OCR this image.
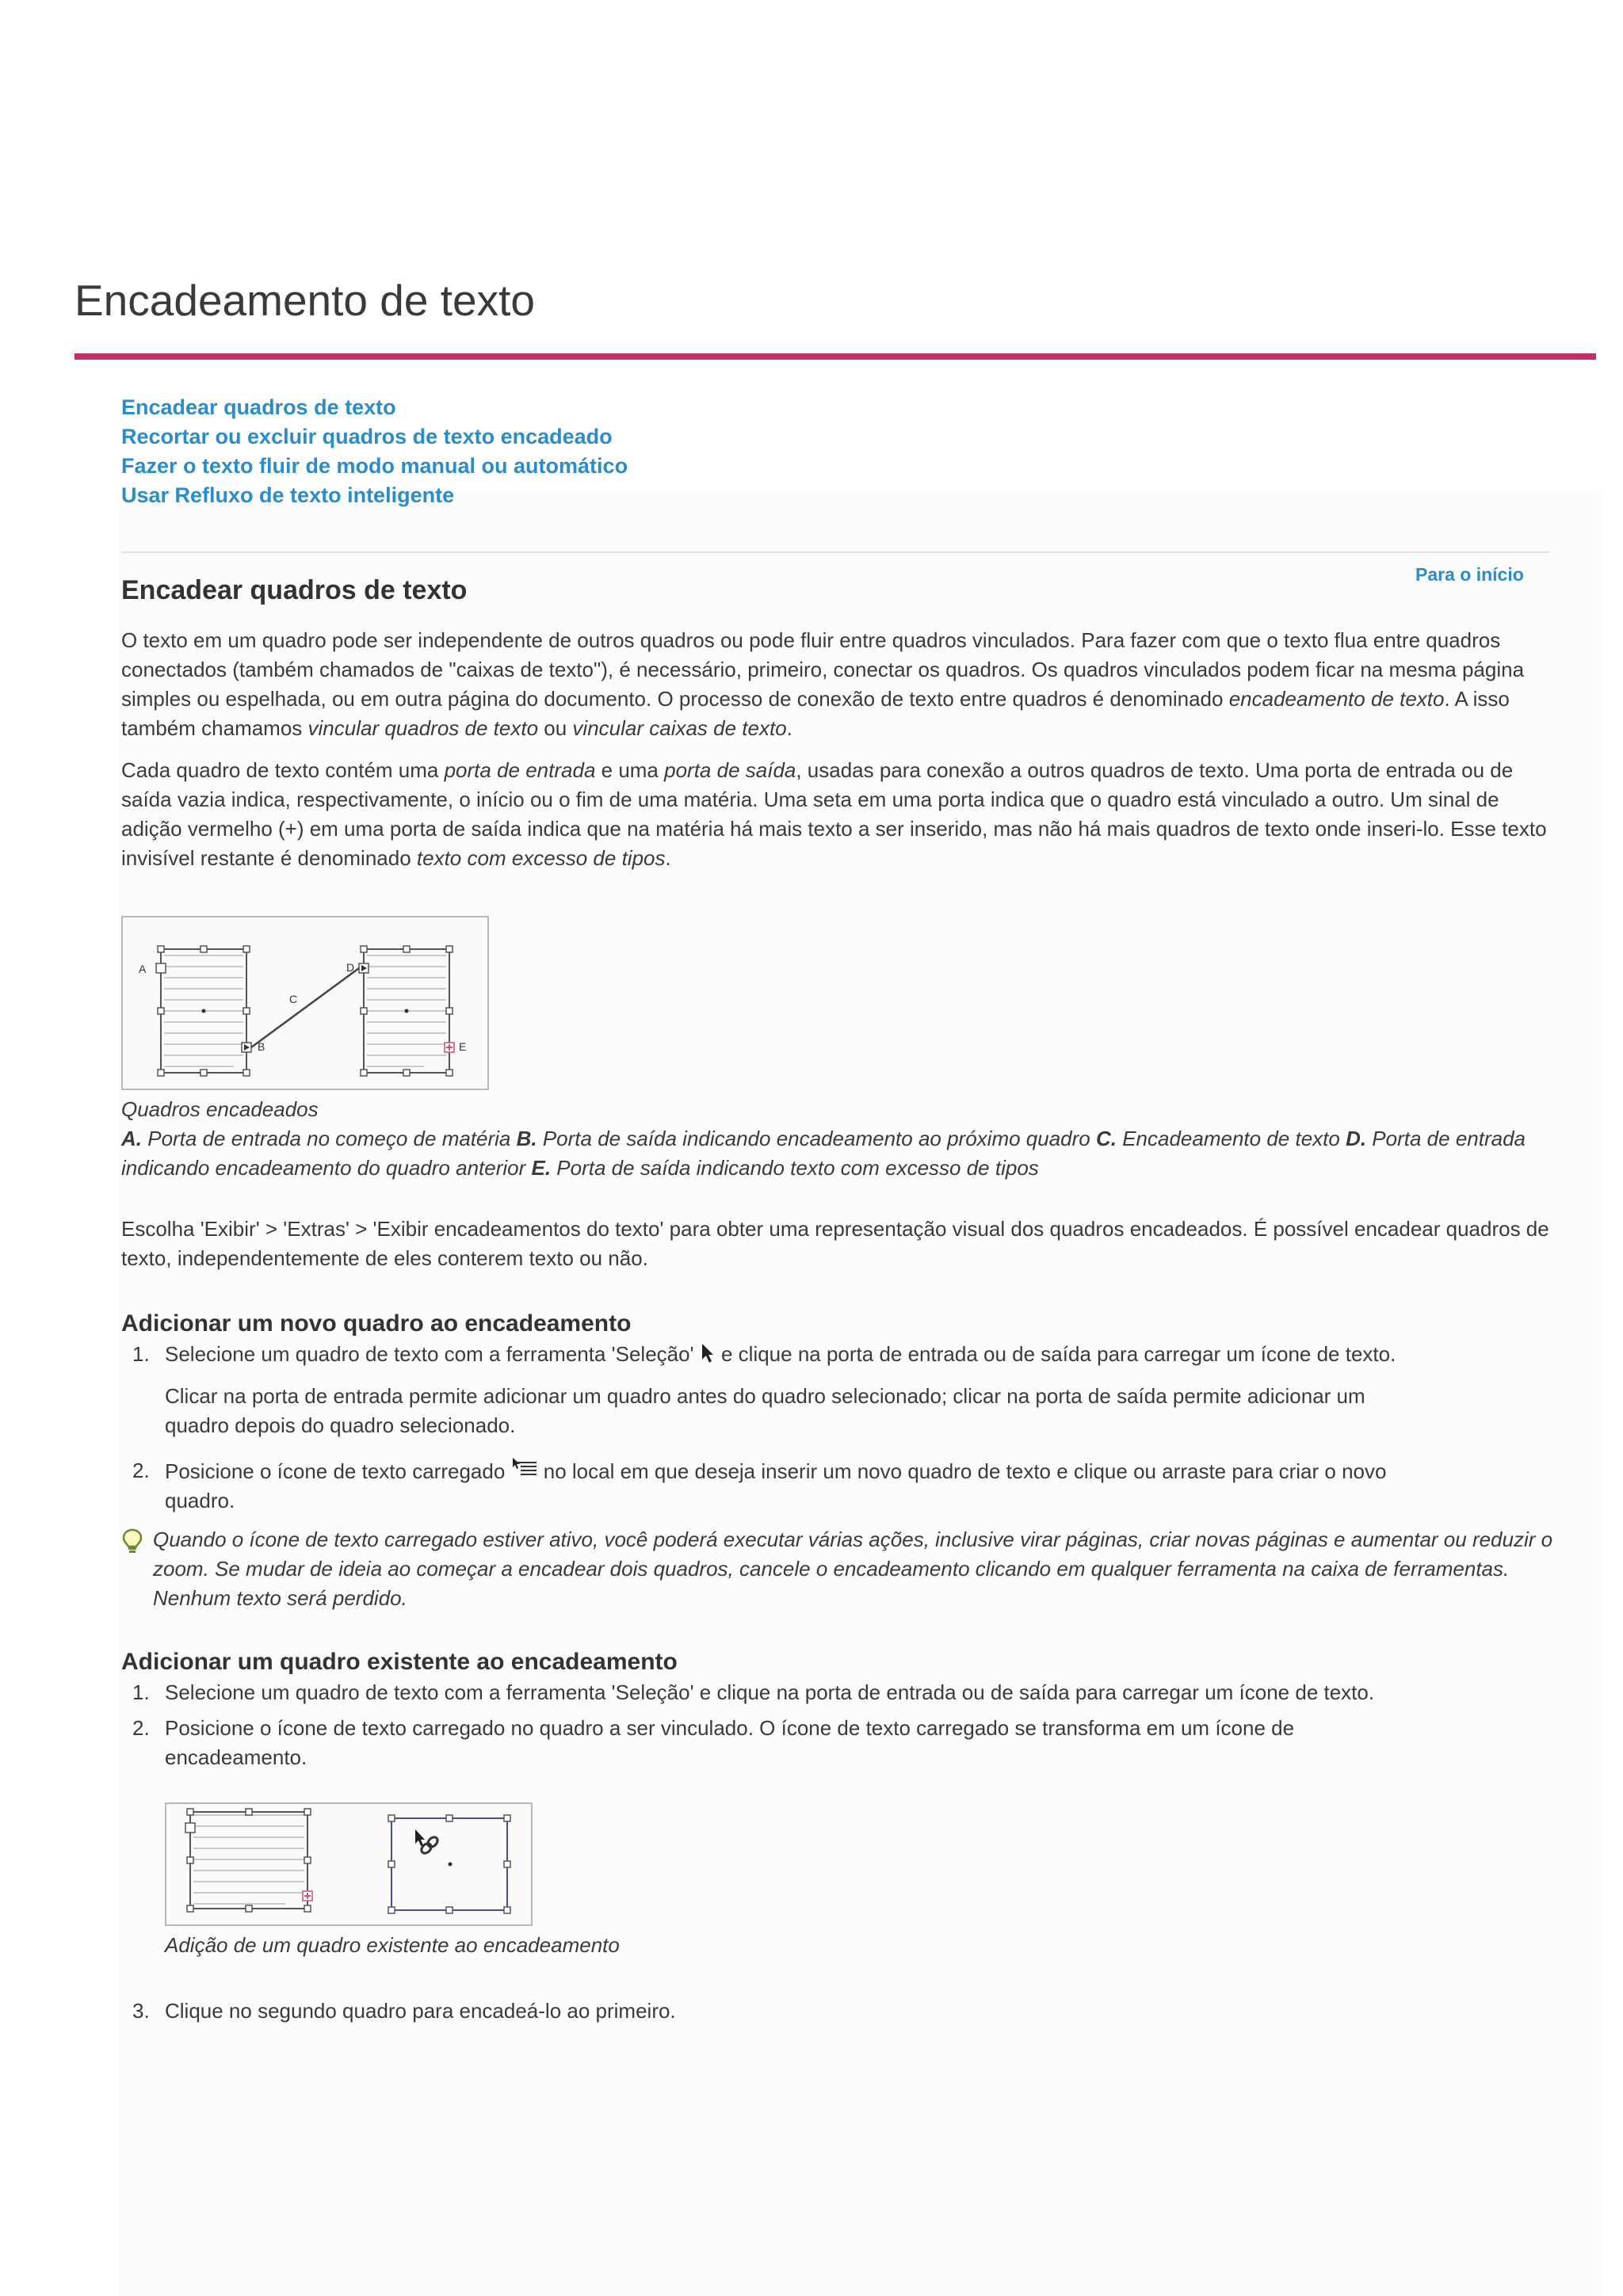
Encadeamento de texto
Encadear quadros de texto
Recortar ou excluir quadros de texto encadeado
Fazer o texto fluir de modo manual ou automático
Usar Refluxo de texto inteligente
Para o início
Encadear quadros de texto

O texto em um quadro pode ser independente de outros quadros ou pode fluir entre quadros vinculados. Para fazer com que o texto flua entre quadros conectados (também chamados de "caixas de texto"), é necessário, primeiro, conectar os quadros. Os quadros vinculados podem ficar na mesma página simples ou espelhada, ou em outra página do documento. O processo de conexão de texto entre quadros é denominado encadeamento de texto. A isso também chamamos vincular quadros de texto ou vincular caixas de texto.

Cada quadro de texto contém uma porta de entrada e uma porta de saída, usadas para conexão a outros quadros de texto. Uma porta de entrada ou de saída vazia indica, respectivamente, o início ou o fim de uma matéria. Uma seta em uma porta indica que o quadro está vinculado a outro. Um sinal de adição vermelho (+) em uma porta de saída indica que na matéria há mais texto a ser inserido, mas não há mais quadros de texto onde inseri-lo. Esse texto invisível restante é denominado texto com excesso de tipos.

A
B
C
D
E

Quadros encadeados

A. Porta de entrada no começo de matéria B. Porta de saída indicando encadeamento ao próximo quadro C. Encadeamento de texto D. Porta de entrada indicando encadeamento do quadro anterior E. Porta de saída indicando texto com excesso de tipos

Escolha 'Exibir' > 'Extras' > 'Exibir encadeamentos do texto' para obter uma representação visual dos quadros encadeados. É possível encadear quadros de texto, independentemente de eles conterem texto ou não.

Adicionar um novo quadro ao encadeamento
1. Selecione um quadro de texto com a ferramenta 'Seleção'  e clique na porta de entrada ou de saída para carregar um ícone de texto.

Clicar na porta de entrada permite adicionar um quadro antes do quadro selecionado; clicar na porta de saída permite adicionar um quadro depois do quadro selecionado.

2. Posicione o ícone de texto carregado  no local em que deseja inserir um novo quadro de texto e clique ou arraste para criar o novo quadro.

Quando o ícone de texto carregado estiver ativo, você poderá executar várias ações, inclusive virar páginas, criar novas páginas e aumentar ou reduzir o zoom. Se mudar de ideia ao começar a encadear dois quadros, cancele o encadeamento clicando em qualquer ferramenta na caixa de ferramentas. Nenhum texto será perdido.

Adicionar um quadro existente ao encadeamento
1. Selecione um quadro de texto com a ferramenta 'Seleção' e clique na porta de entrada ou de saída para carregar um ícone de texto.
2. Posicione o ícone de texto carregado no quadro a ser vinculado. O ícone de texto carregado se transforma em um ícone de encadeamento.

Adição de um quadro existente ao encadeamento

3. Clique no segundo quadro para encadeá-lo ao primeiro.
